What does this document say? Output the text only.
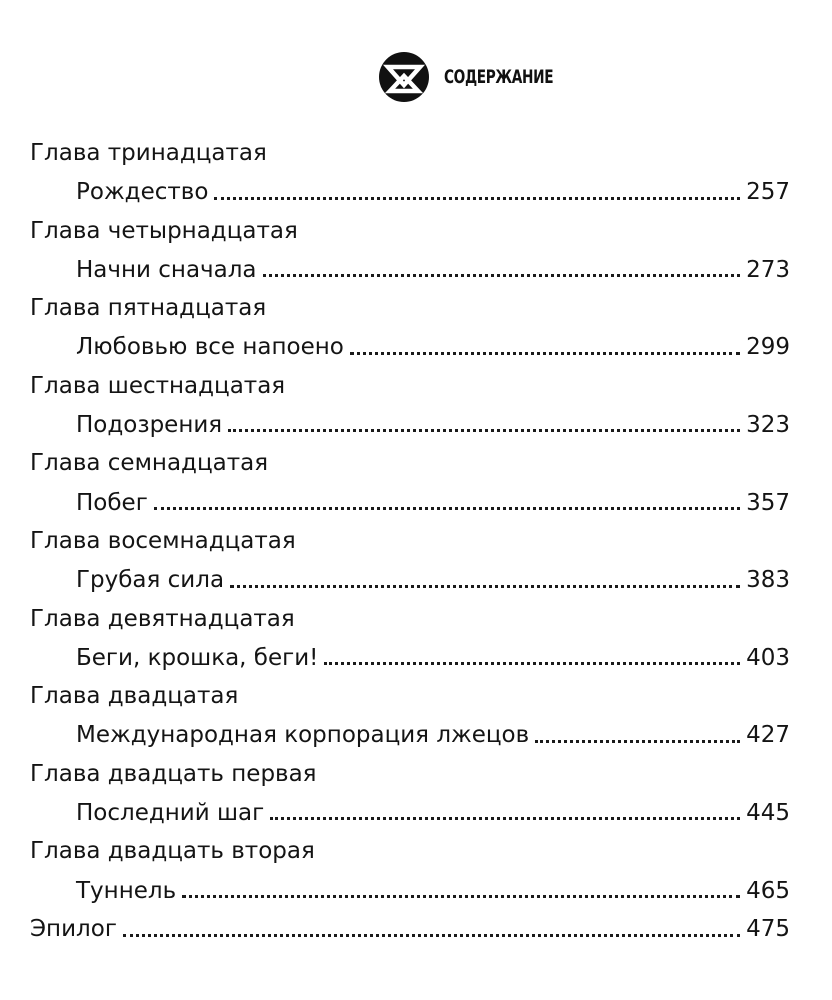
СОДЕРЖАНИЕ
Глава тринадцатая
Рождество	257
Глава четырнадцатая
Начни сначала	273
Глава пятнадцатая
Любовью все напоено	299
Глава шестнадцатая
Подозрения	323
Глава семнадцатая
Побег	357
Глава восемнадцатая
Грубая сила	383
Глава девятнадцатая
Беги, крошка, беги!	403
Глава двадцатая
Международная корпорация лжецов	427
Глава двадцать первая
Последний шаг	445
Глава двадцать вторая
Туннель	465
Эпилог	475
